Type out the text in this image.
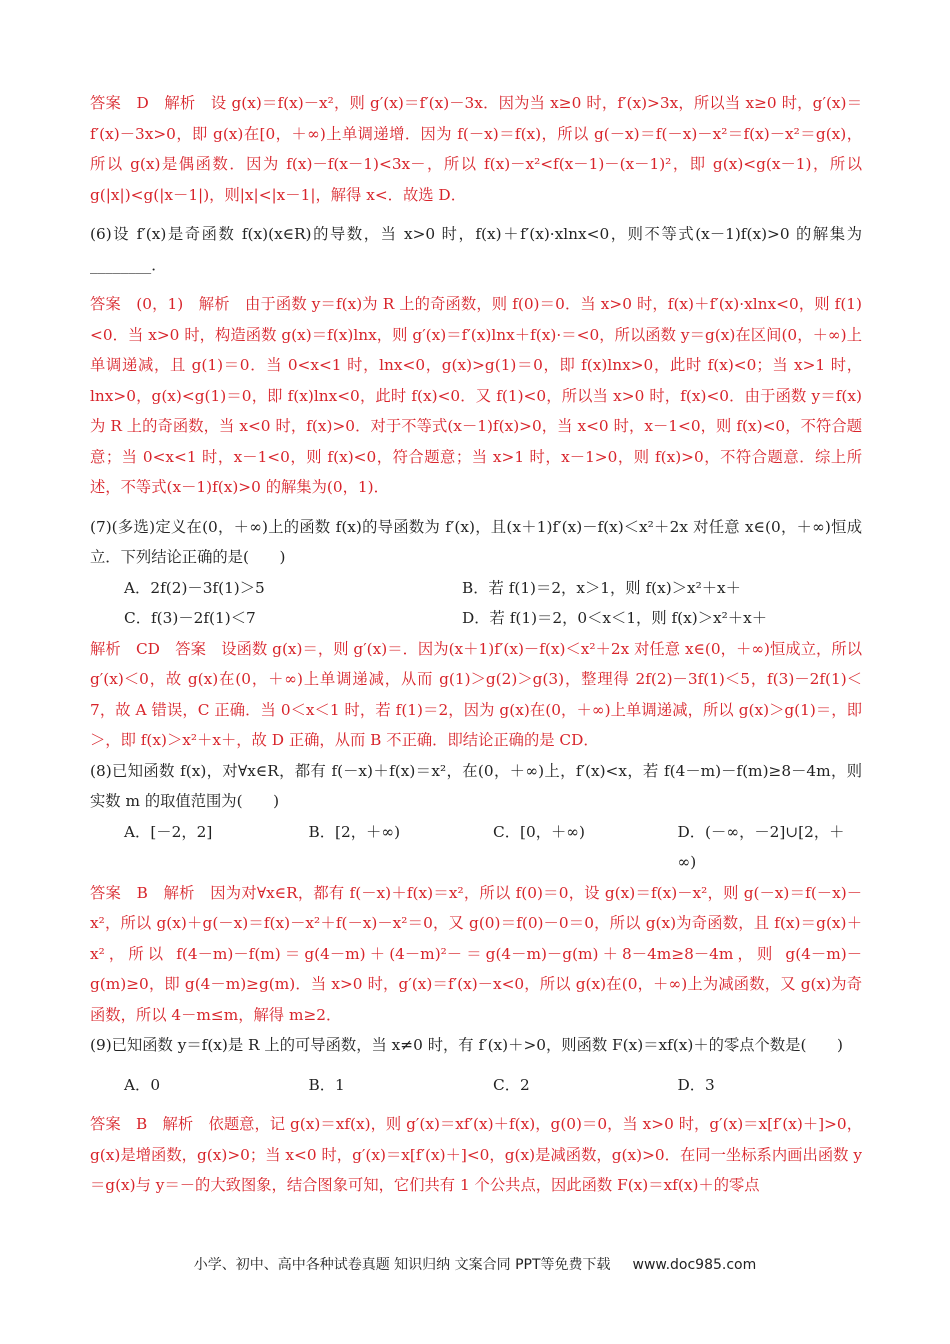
答案　D　解析　设 g(x)＝f(x)－x²，则 g′(x)＝f′(x)－3x．因为当 x≥0 时，f′(x)>3x，所以当 x≥0 时，g′(x)＝f′(x)－3x>0，即 g(x)在[0，＋∞)上单调递增．因为 f(－x)＝f(x)，所以 g(－x)＝f(－x)－x²＝f(x)－x²＝g(x)，所以 g(x)是偶函数．因为 f(x)－f(x－1)<3x－，所以 f(x)－x²<f(x－1)－(x－1)²，即 g(x)<g(x－1)，所以 g(|x|)<g(|x－1|)，则|x|<|x－1|，解得 x<．故选 D．

(6)设 f′(x)是奇函数 f(x)(x∈R)的导数，当 x>0 时，f(x)＋f′(x)·xlnx<0，则不等式(x－1)f(x)>0 的解集为________．

答案　(0，1)　解析　由于函数 y＝f(x)为 R 上的奇函数，则 f(0)＝0．当 x>0 时，f(x)＋f′(x)·xlnx<0，则 f(1)<0．当 x>0 时，构造函数 g(x)＝f(x)lnx，则 g′(x)＝f′(x)lnx＋f(x)·＝<0，所以函数 y＝g(x)在区间(0，＋∞)上单调递减，且 g(1)＝0．当 0<x<1 时，lnx<0，g(x)>g(1)＝0，即 f(x)lnx>0，此时 f(x)<0；当 x>1 时，lnx>0，g(x)<g(1)＝0，即 f(x)lnx<0，此时 f(x)<0．又 f(1)<0，所以当 x>0 时，f(x)<0．由于函数 y＝f(x)为 R 上的奇函数，当 x<0 时，f(x)>0．对于不等式(x－1)f(x)>0，当 x<0 时，x－1<0，则 f(x)<0，不符合题意；当 0<x<1 时，x－1<0，则 f(x)<0，符合题意；当 x>1 时，x－1>0，则 f(x)>0，不符合题意．综上所述，不等式(x－1)f(x)>0 的解集为(0，1)．

(7)(多选)定义在(0，＋∞)上的函数 f(x)的导函数为 f′(x)，且(x＋1)f′(x)－f(x)＜x²＋2x 对任意 x∈(0，＋∞)恒成立．下列结论正确的是(　　)

A．2f(2)－3f(1)＞5	B．若 f(1)＝2，x＞1，则 f(x)＞x²＋x＋
C．f(3)－2f(1)＜7	D．若 f(1)＝2，0＜x＜1，则 f(x)＞x²＋x＋

解析　CD　答案　设函数 g(x)＝，则 g′(x)＝．因为(x＋1)f′(x)－f(x)＜x²＋2x 对任意 x∈(0，＋∞)恒成立，所以 g′(x)＜0，故 g(x)在(0，＋∞)上单调递减，从而 g(1)＞g(2)＞g(3)，整理得 2f(2)－3f(1)＜5，f(3)－2f(1)＜7，故 A 错误，C 正确．当 0＜x＜1 时，若 f(1)＝2，因为 g(x)在(0，＋∞)上单调递减，所以 g(x)＞g(1)＝，即＞，即 f(x)＞x²＋x＋，故 D 正确，从而 B 不正确．即结论正确的是 CD．

(8)已知函数 f(x)，对∀x∈R，都有 f(－x)＋f(x)＝x²，在(0，＋∞)上，f′(x)<x，若 f(4－m)－f(m)≥8－4m，则实数 m 的取值范围为(　　)

A．[－2，2]	B．[2，＋∞)	C．[0，＋∞)	D．(－∞，－2]∪[2，＋∞)

答案　B　解析　因为对∀x∈R，都有 f(－x)＋f(x)＝x²，所以 f(0)＝0，设 g(x)＝f(x)－x²，则 g(－x)＝f(－x)－x²，所以 g(x)＋g(－x)＝f(x)－x²＋f(－x)－x²＝0，又 g(0)＝f(0)－0＝0，所以 g(x)为奇函数，且 f(x)＝g(x)＋x²，所以 f(4－m)－f(m)＝g(4－m)＋(4－m)²－＝g(4－m)－g(m)＋8－4m≥8－4m，则 g(4－m)－g(m)≥0，即 g(4－m)≥g(m)．当 x>0 时，g′(x)＝f′(x)－x<0，所以 g(x)在(0，＋∞)上为减函数，又 g(x)为奇函数，所以 4－m≤m，解得 m≥2．

(9)已知函数 y＝f(x)是 R 上的可导函数，当 x≠0 时，有 f′(x)＋>0，则函数 F(x)＝xf(x)＋的零点个数是(　　)

A．0	B．1	C．2	D．3

答案　B　解析　依题意，记 g(x)＝xf(x)，则 g′(x)＝xf′(x)＋f(x)，g(0)＝0，当 x>0 时，g′(x)＝x[f′(x)＋]>0，g(x)是增函数，g(x)>0；当 x<0 时，g′(x)＝x[f′(x)＋]<0，g(x)是减函数，g(x)>0．在同一坐标系内画出函数 y＝g(x)与 y＝－的大致图象，结合图象可知，它们共有 1 个公共点，因此函数 F(x)＝xf(x)＋的零点

小学、初中、高中各种试卷真题 知识归纳 文案合同 PPT等免费下载 www.doc985.com
